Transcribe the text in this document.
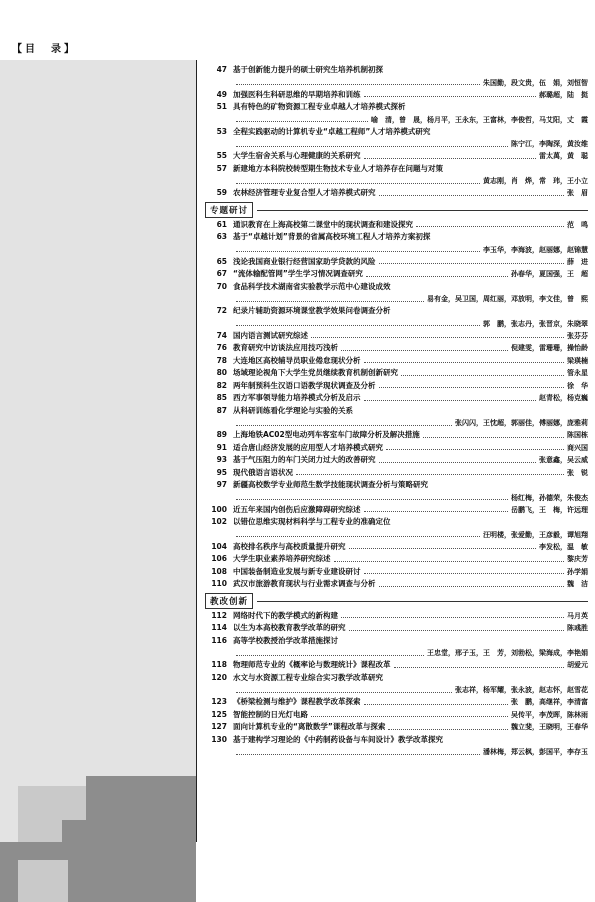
【目　录】
47 基于创新能力提升的硕士研究生培养机制初探
朱国勤，段文贵，伍　娟，刘恒智
49 加强医科生科研思维的早期培养和训练	郝璐超，陆　挺
51 具有特色的矿物资源工程专业卓越人才培养模式探析
喻　清，曾　晟，杨月平，王永东，王富林，李俊哲，马艾阳，丈　霞
53 全程实践驱动的计算机专业“卓越工程师”人才培养模式研究
陈宁江，李陶深，黄汝维
55 大学生宿舍关系与心理健康的关系研究	雷太萬，黄　聪
57 新建地方本科院校转型期生物技术专业人才培养存在问题与对策
黄志刚，肖　烨，常　玮，王小立
59 农林经济管理专业复合型人才培养模式研究	张　眉
专题研讨
61 通识教育在上海高校第二课堂中的现状调查和建设探究	范　鸣
63 基于“卓越计划”背景的省属高校环境工程人才培养方案初探
李玉华，李海波，赵丽娜，赵锦慧
65 浅论我国商业银行经营国家助学贷款的风险	薛　进
67 “流体输配管网”学生学习情况调查研究	孙春华，夏国强，王　超
70 食品科学技术湖南省实验教学示范中心建设成效
易有金，吴卫国，周红丽，邓放明，李文佳，曾　熙
72 纪录片辅助资源环境课堂教学效果问卷调查分析
郭　鹏，张志丹，张晋京，朱晓翠
74 国内语言测试研究综述	张芬芬
76 教育研究中访谈法应用技巧浅析	倪建雯，雷珊珊，操怡龄
78 大连地区高校辅导员职业倦怠现状分析	梁瑛楠
80 场域理论视角下大学生党员继续教育机制创新研究	管永星
82 两年制预科生汉语口语教学现状调查及分析	徐　华
85 西方军事领导能力培养模式分析及启示	赵青松，杨克巍
87 从科研训练看化学理论与实验的关系
张闪闪，王忱超，郭丽佳，傅丽娜，庞雅莉
89 上海地铁AC02型电动列车客室车门故障分析及解决措施	陈国栋
91 适合唐山经济发展的应用型人才培养模式研究	商兴国
93 基于气压阻力的车门关闭力过大的改善研究	张意鑫，吴云威
95 现代俄语言语状况	张　锐
97 新疆高校数学专业师范生数学技能现状调查分析与策略研究
杨红梅，孙德荣，朱俊杰
100 近五年来国内创伤后应激障碍研究综述	岳鹏飞，王　梅，许远理
102 以错位思维实现材料科学与工程专业的准确定位
汪明楼，张爱勤，王彦毅，谭旭翔
104 高校排名秩序与高校质量提升研究	李发松，温　敏
106 大学生职业素养培养研究综述	黎庆芳
108 中国装备制造业发展与新专业建设研讨	孙学娟
110 武汉市旅游教育现状与行业需求调查与分析	魏　洁
教改创新
112 网络时代下的教学模式的新构建	马月英
114 以生为本高校教育教学改革的研究	陈彧胜
116 高等学校教授治学改革措施探讨
王忠堂，邢子玉，王　芳，刘勃松，梁海成，李艳娟
118 物理师范专业的《概率论与数理统计》课程改革	胡爱元
120 水文与水资源工程专业综合实习教学改革研究
张志祥，杨军耀，张永波，赵志怀，赵雪花
123 《桥梁检测与维护》课程教学改革探索	张　鹏，高继祥，李清富
125 智能控制的日光灯电路	吴传平，李茂晖，陈林雨
127 面向计算机专业的“离散数学”课程改革与探索	魏立斐，王晓明，王春华
130 基于建构学习理论的《中药制药设备与车间设计》教学改革探究
潘林梅，郑云枫，彭国平，李存玉
